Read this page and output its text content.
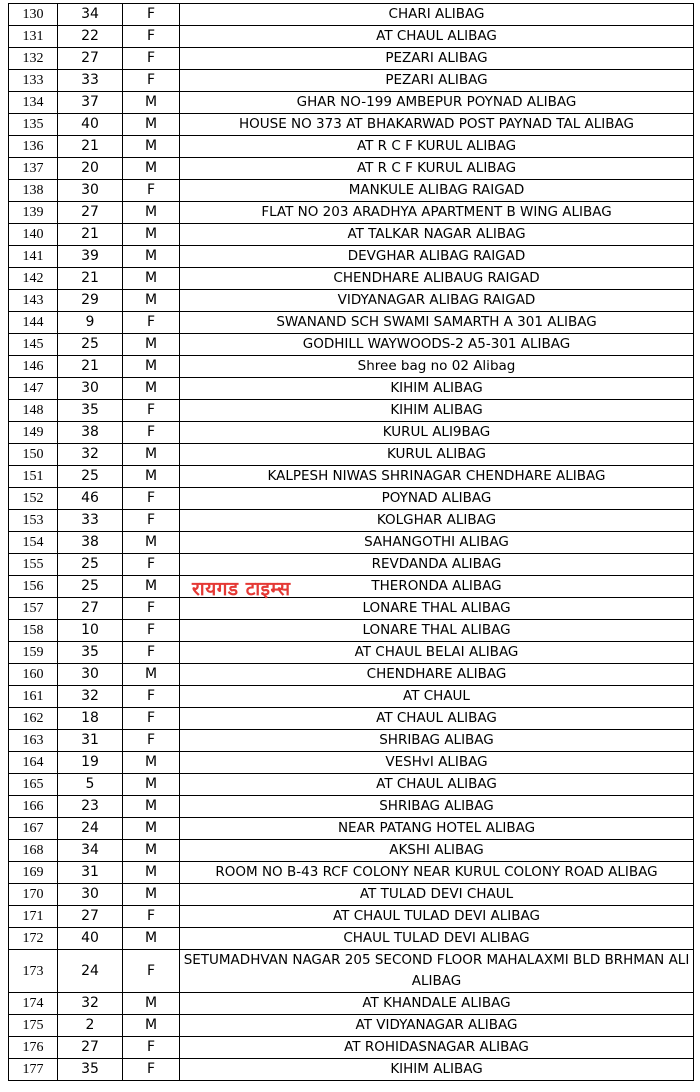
130	34	F	CHARI ALIBAG
131	22	F	AT CHAUL ALIBAG
132	27	F	PEZARI ALIBAG
133	33	F	PEZARI ALIBAG
134	37	M	GHAR NO-199 AMBEPUR POYNAD ALIBAG
135	40	M	HOUSE NO 373 AT BHAKARWAD POST PAYNAD TAL ALIBAG
136	21	M	AT R C F KURUL ALIBAG
137	20	M	AT R C F KURUL ALIBAG
138	30	F	MANKULE ALIBAG RAIGAD
139	27	M	FLAT NO 203 ARADHYA APARTMENT B WING ALIBAG
140	21	M	AT TALKAR NAGAR ALIBAG
141	39	M	DEVGHAR ALIBAG RAIGAD
142	21	M	CHENDHARE ALIBAUG RAIGAD
143	29	M	VIDYANAGAR ALIBAG RAIGAD
144	9	F	SWANAND SCH SWAMI SAMARTH A 301 ALIBAG
145	25	M	GODHILL WAYWOODS-2 A5-301 ALIBAG
146	21	M	Shree bag no 02 Alibag
147	30	M	KIHIM ALIBAG
148	35	F	KIHIM ALIBAG
149	38	F	KURUL ALI9BAG
150	32	M	KURUL ALIBAG
151	25	M	KALPESH NIWAS SHRINAGAR CHENDHARE ALIBAG
152	46	F	POYNAD ALIBAG
153	33	F	KOLGHAR ALIBAG
154	38	M	SAHANGOTHI ALIBAG
155	25	F	REVDANDA ALIBAG
156	25	M	THERONDA ALIBAG
157	27	F	LONARE THAL ALIBAG
158	10	F	LONARE THAL ALIBAG
159	35	F	AT CHAUL BELAI ALIBAG
160	30	M	CHENDHARE ALIBAG
161	32	F	AT CHAUL
162	18	F	AT CHAUL ALIBAG
163	31	F	SHRIBAG ALIBAG
164	19	M	VESHvI ALIBAG
165	5	M	AT CHAUL ALIBAG
166	23	M	SHRIBAG ALIBAG
167	24	M	NEAR PATANG HOTEL ALIBAG
168	34	M	AKSHI ALIBAG
169	31	M	ROOM NO B-43 RCF COLONY NEAR KURUL COLONY ROAD ALIBAG
170	30	M	AT TULAD DEVI CHAUL
171	27	F	AT CHAUL TULAD DEVI ALIBAG
172	40	M	CHAUL TULAD DEVI ALIBAG
173	24	F	SETUMADHVAN NAGAR 205 SECOND FLOOR MAHALAXMI BLD BRHMAN ALI ALIBAG
174	32	M	AT KHANDALE ALIBAG
175	2	M	AT VIDYANAGAR ALIBAG
176	27	F	AT ROHIDASNAGAR ALIBAG
177	35	F	KIHIM ALIBAG
रायगड टाइम्स
